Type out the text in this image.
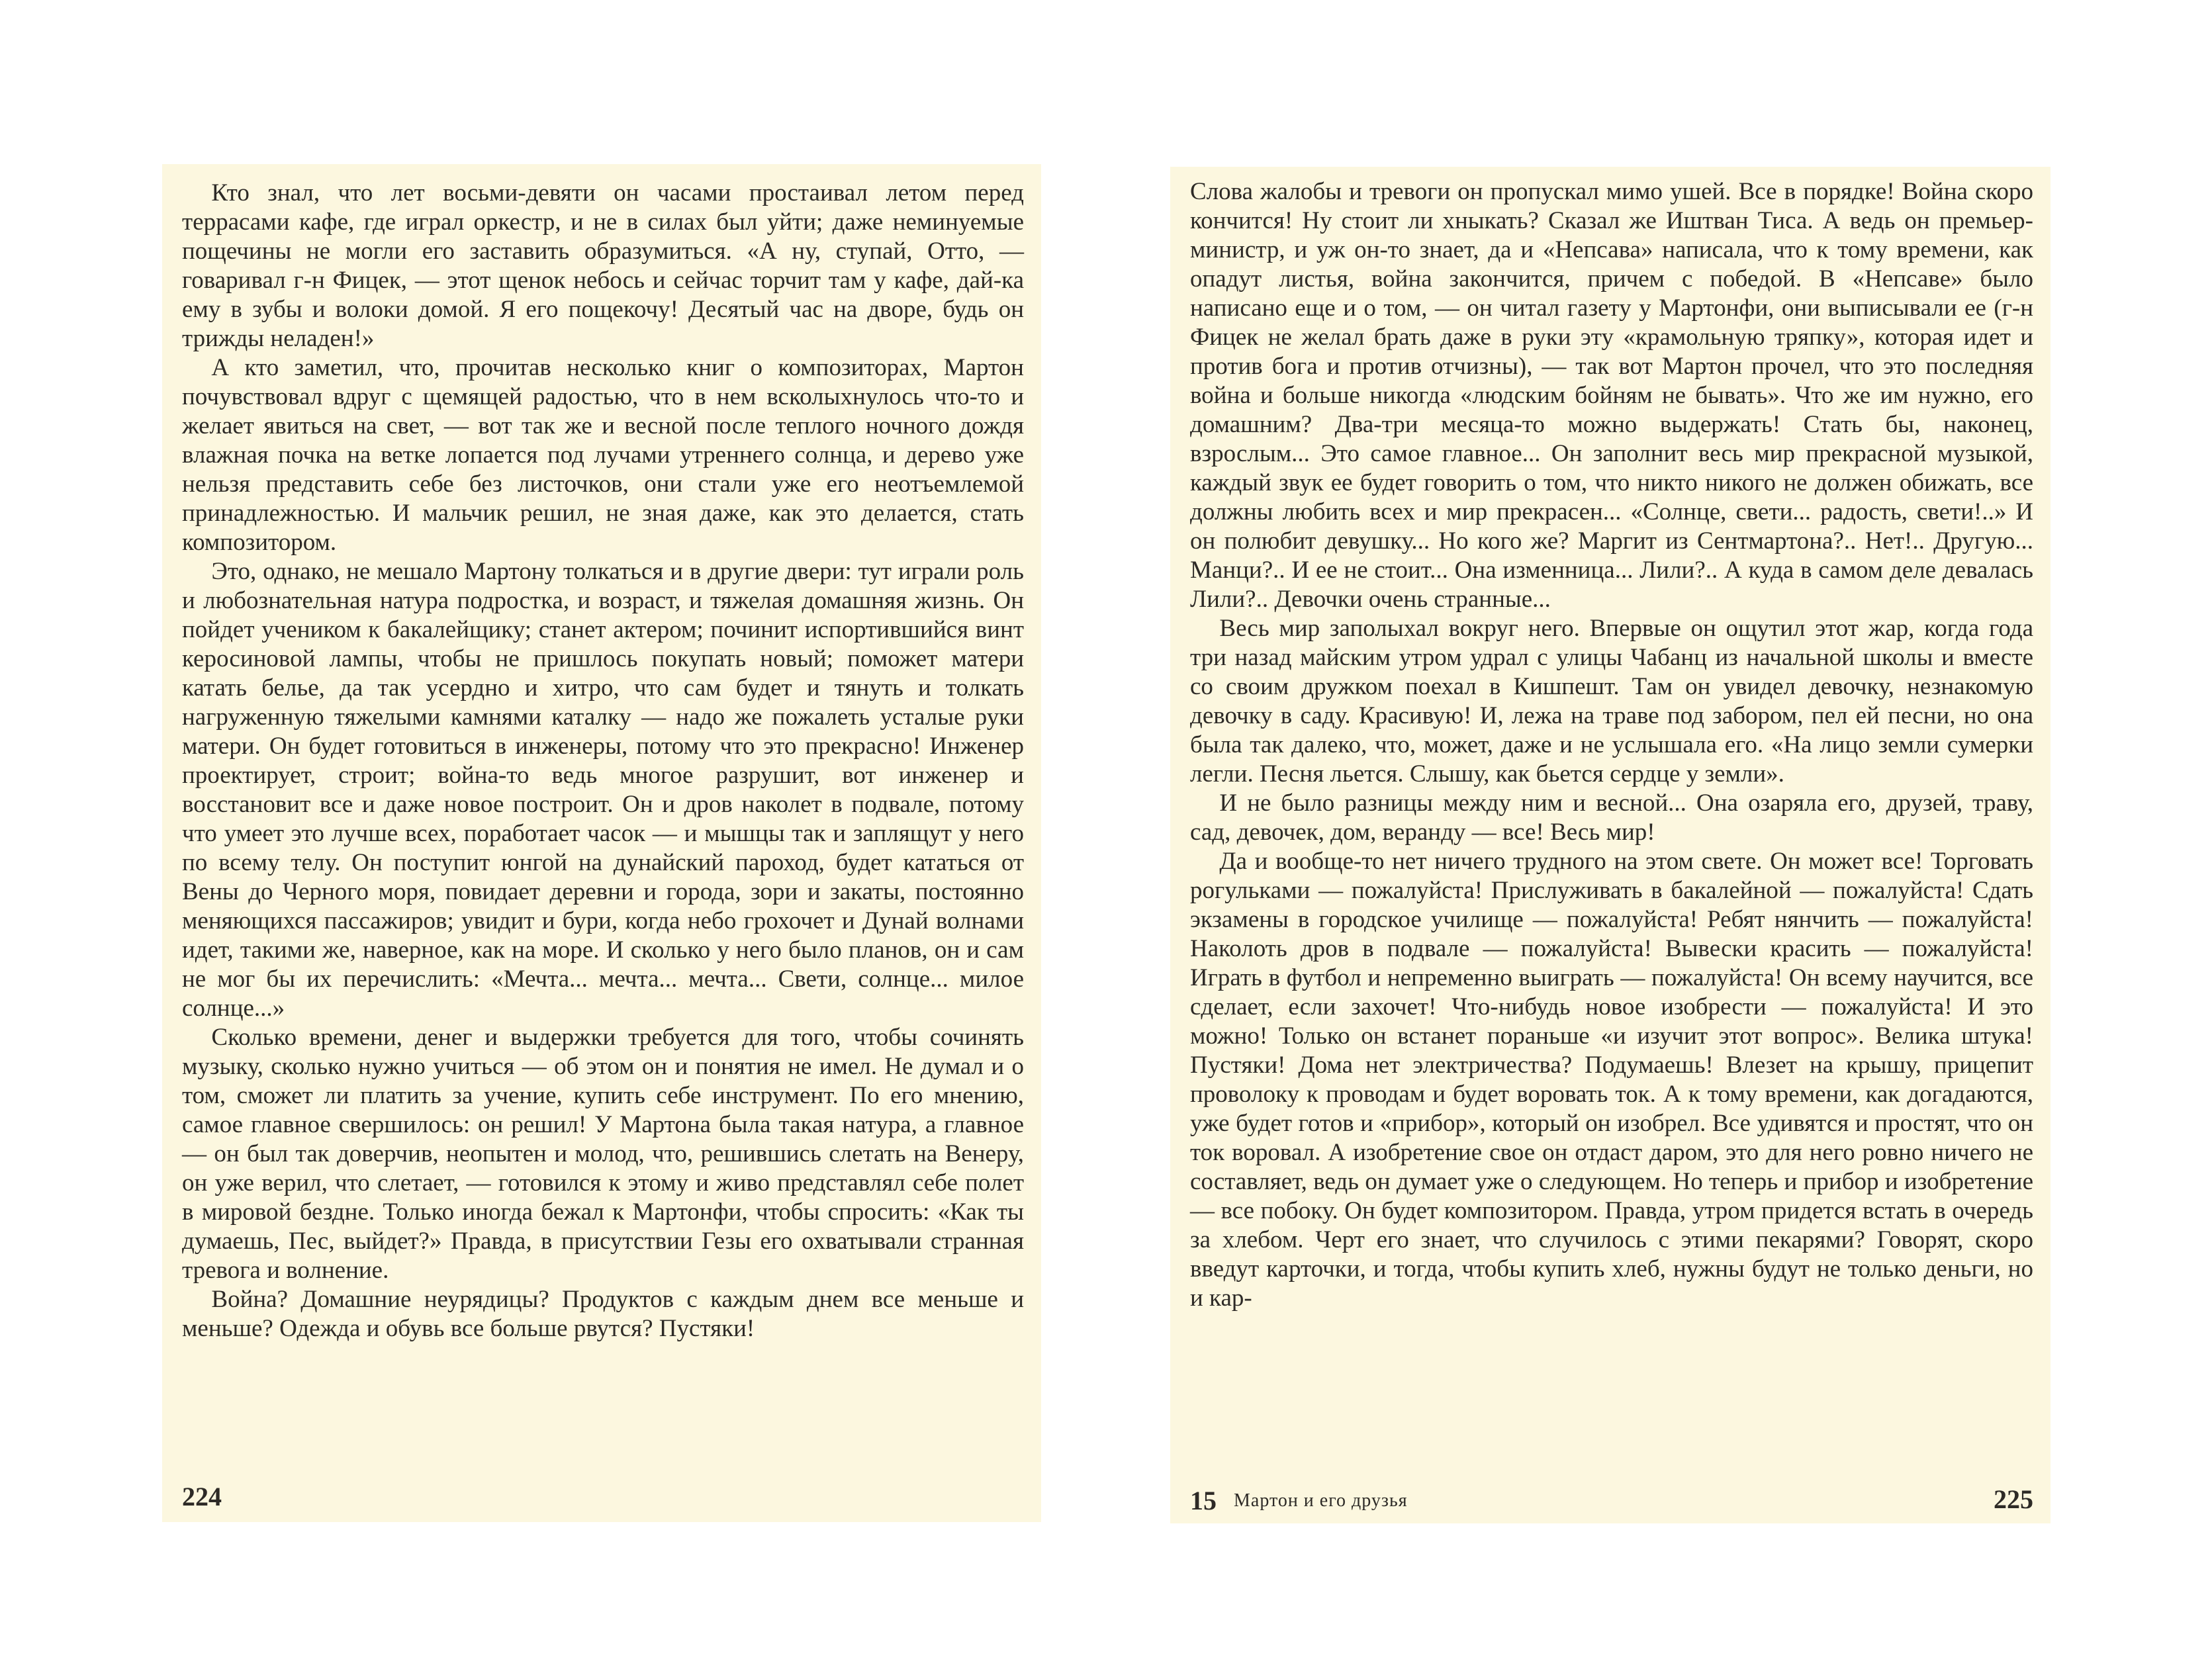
Кто знал, что лет восьми-девяти он часами простаивал летом перед террасами кафе, где играл оркестр, и не в силах был уйти; даже неминуемые пощечины не могли его заставить образумиться. «А ну, ступай, Отто, — говаривал г-н Фицек, — этот щенок небось и сейчас торчит там у кафе, дай-ка ему в зубы и волоки домой. Я его пощекочу! Десятый час на дворе, будь он трижды неладен!»

А кто заметил, что, прочитав несколько книг о композиторах, Мартон почувствовал вдруг с щемящей радостью, что в нем всколыхнулось что-то и желает явиться на свет, — вот так же и весной после теплого ночного дождя влажная почка на ветке лопается под лучами утреннего солнца, и дерево уже нельзя представить себе без листочков, они стали уже его неотъемлемой принадлежностью. И мальчик решил, не зная даже, как это делается, стать композитором.

Это, однако, не мешало Мартону толкаться и в другие двери: тут играли роль и любознательная натура подростка, и возраст, и тяжелая домашняя жизнь. Он пойдет учеником к бакалейщику; станет актером; починит испортившийся винт керосиновой лампы, чтобы не пришлось покупать новый; поможет матери катать белье, да так усердно и хитро, что сам будет и тянуть и толкать нагруженную тяжелыми камнями каталку — надо же пожалеть усталые руки матери. Он будет готовиться в инженеры, потому что это прекрасно! Инженер проектирует, строит; война-то ведь многое разрушит, вот инженер и восстановит все и даже новое построит. Он и дров наколет в подвале, потому что умеет это лучше всех, поработает часок — и мышцы так и заплящут у него по всему телу. Он поступит юнгой на дунайский пароход, будет кататься от Вены до Черного моря, повидает деревни и города, зори и закаты, постоянно меняющихся пассажиров; увидит и бури, когда небо грохочет и Дунай волнами идет, такими же, наверное, как на море. И сколько у него было планов, он и сам не мог бы их перечислить: «Мечта... мечта... мечта... Свети, солнце... милое солнце...»

Сколько времени, денег и выдержки требуется для того, чтобы сочинять музыку, сколько нужно учиться — об этом он и понятия не имел. Не думал и о том, сможет ли платить за учение, купить себе инструмент. По его мнению, самое главное свершилось: он решил! У Мартона была такая натура, а главное — он был так доверчив, неопытен и молод, что, решившись слетать на Венеру, он уже верил, что слетает, — готовился к этому и живо представлял себе полет в мировой бездне. Только иногда бежал к Мартонфи, чтобы спросить: «Как ты думаешь, Пес, выйдет?» Правда, в присутствии Гезы его охватывали странная тревога и волнение.

Война? Домашние неурядицы? Продуктов с каждым днем все меньше и меньше? Одежда и обувь все больше рвутся? Пустяки!

224

Слова жалобы и тревоги он пропускал мимо ушей. Все в порядке! Война скоро кончится! Ну стоит ли хныкать? Сказал же Иштван Тиса. А ведь он премьер-министр, и уж он-то знает, да и «Непсава» написала, что к тому времени, как опадут листья, война закончится, причем с победой. В «Непсаве» было написано еще и о том, — он читал газету у Мартонфи, они выписывали ее (г-н Фицек не желал брать даже в руки эту «крамольную тряпку», которая идет и против бога и против отчизны), — так вот Мартон прочел, что это последняя война и больше никогда «людским бойням не бывать». Что же им нужно, его домашним? Два-три месяца-то можно выдержать! Стать бы, наконец, взрослым... Это самое главное... Он заполнит весь мир прекрасной музыкой, каждый звук ее будет говорить о том, что никто никого не должен обижать, все должны любить всех и мир прекрасен... «Солнце, свети... радость, свети!..» И он полюбит девушку... Но кого же? Маргит из Сентмартона?.. Нет!.. Другую... Манци?.. И ее не стоит... Она изменница... Лили?.. А куда в самом деле девалась Лили?.. Девочки очень странные...

Весь мир заполыхал вокруг него. Впервые он ощутил этот жар, когда года три назад майским утром удрал с улицы Чабанц из начальной школы и вместе со своим дружком поехал в Кишпешт. Там он увидел девочку, незнакомую девочку в саду. Красивую! И, лежа на траве под забором, пел ей песни, но она была так далеко, что, может, даже и не услышала его. «На лицо земли сумерки легли. Песня льется. Слышу, как бьется сердце у земли».

И не было разницы между ним и весной... Она озаряла его, друзей, траву, сад, девочек, дом, веранду — все! Весь мир!

Да и вообще-то нет ничего трудного на этом свете. Он может все! Торговать рогульками — пожалуйста! Прислуживать в бакалейной — пожалуйста! Сдать экзамены в городское училище — пожалуйста! Ребят нянчить — пожалуйста! Наколоть дров в подвале — пожалуйста! Вывески красить — пожалуйста! Играть в футбол и непременно выиграть — пожалуйста! Он всему научится, все сделает, если захочет! Что-нибудь новое изобрести — пожалуйста! И это можно! Только он встанет пораньше «и изучит этот вопрос». Велика штука! Пустяки! Дома нет электричества? Подумаешь! Влезет на крышу, прицепит проволоку к проводам и будет воровать ток. А к тому времени, как догадаются, уже будет готов и «прибор», который он изобрел. Все удивятся и простят, что он ток воровал. А изобретение свое он отдаст даром, это для него ровно ничего не составляет, ведь он думает уже о следующем. Но теперь и прибор и изобретение — все побоку. Он будет композитором. Правда, утром придется встать в очередь за хлебом. Черт его знает, что случилось с этими пекарями? Говорят, скоро введут карточки, и тогда, чтобы купить хлеб, нужны будут не только деньги, но и кар-

15 Мартон и его друзья	225
